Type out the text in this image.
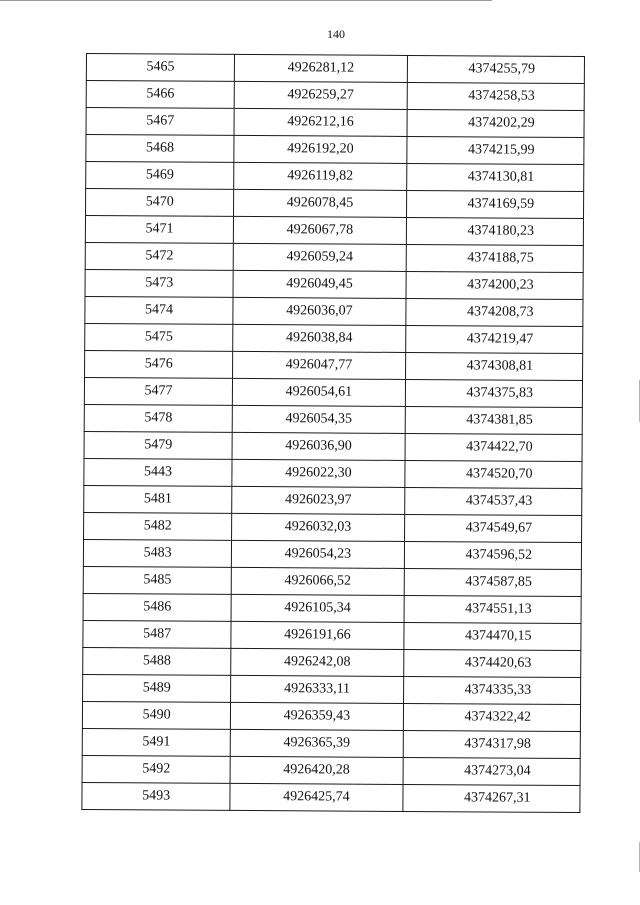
140
5465	4926281,12	4374255,79
5466	4926259,27	4374258,53
5467	4926212,16	4374202,29
5468	4926192,20	4374215,99
5469	4926119,82	4374130,81
5470	4926078,45	4374169,59
5471	4926067,78	4374180,23
5472	4926059,24	4374188,75
5473	4926049,45	4374200,23
5474	4926036,07	4374208,73
5475	4926038,84	4374219,47
5476	4926047,77	4374308,81
5477	4926054,61	4374375,83
5478	4926054,35	4374381,85
5479	4926036,90	4374422,70
5443	4926022,30	4374520,70
5481	4926023,97	4374537,43
5482	4926032,03	4374549,67
5483	4926054,23	4374596,52
5485	4926066,52	4374587,85
5486	4926105,34	4374551,13
5487	4926191,66	4374470,15
5488	4926242,08	4374420,63
5489	4926333,11	4374335,33
5490	4926359,43	4374322,42
5491	4926365,39	4374317,98
5492	4926420,28	4374273,04
5493	4926425,74	4374267,31
